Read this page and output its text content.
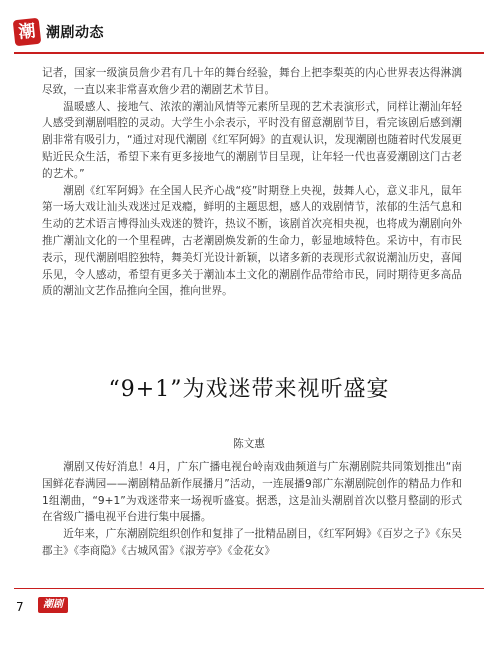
潮 潮剧动态

记者，国家一级演员詹少君有几十年的舞台经验，舞台上把李梨英的内心世界表达得淋漓尽致，一直以来非常喜欢詹少君的潮剧艺术节目。

温暖感人、接地气、浓浓的潮汕风情等元素所呈现的艺术表演形式，同样让潮汕年轻人感受到潮剧唱腔的灵动。大学生小余表示，平时没有留意潮剧节目，看完该剧后感到潮剧非常有吸引力，“通过对现代潮剧《红军阿姆》的直观认识，发现潮剧也随着时代发展更贴近民众生活，希望下来有更多接地气的潮剧节目呈现，让年轻一代也喜爱潮剧这门古老的艺术。”

潮剧《红军阿姆》在全国人民齐心战“疫”时期登上央视，鼓舞人心，意义非凡，鼠年第一场大戏让汕头戏迷过足戏瘾，鲜明的主题思想，感人的戏剧情节，浓郁的生活气息和生动的艺术语言博得汕头戏迷的赞许，热议不断，该剧首次亮相央视，也将成为潮剧向外推广潮汕文化的一个里程碑，古老潮剧焕发新的生命力，彰显地域特色。采访中，有市民表示，现代潮剧唱腔独特，舞美灯光设计新颖，以诸多新的表现形式叙说潮汕历史，喜闻乐见，令人感动，希望有更多关于潮汕本土文化的潮剧作品带给市民，同时期待更多高品质的潮汕文艺作品推向全国，推向世界。

“9+1”为戏迷带来视听盛宴
陈文惠

潮剧又传好消息！4月，广东广播电视台岭南戏曲频道与广东潮剧院共同策划推出“南国鲜花春满园——潮剧精品新作展播月”活动，一连展播9部广东潮剧院创作的精品力作和1组潮曲，“9+1”为戏迷带来一场视听盛宴。据悉，这是汕头潮剧首次以整月整副的形式在省级广播电视平台进行集中展播。

近年来，广东潮剧院组织创作和复排了一批精品剧目，《红军阿姆》《百岁之子》《东吴郡主》《李商隐》《古城风雷》《淑芳亭》《金花女》

7	潮剧
